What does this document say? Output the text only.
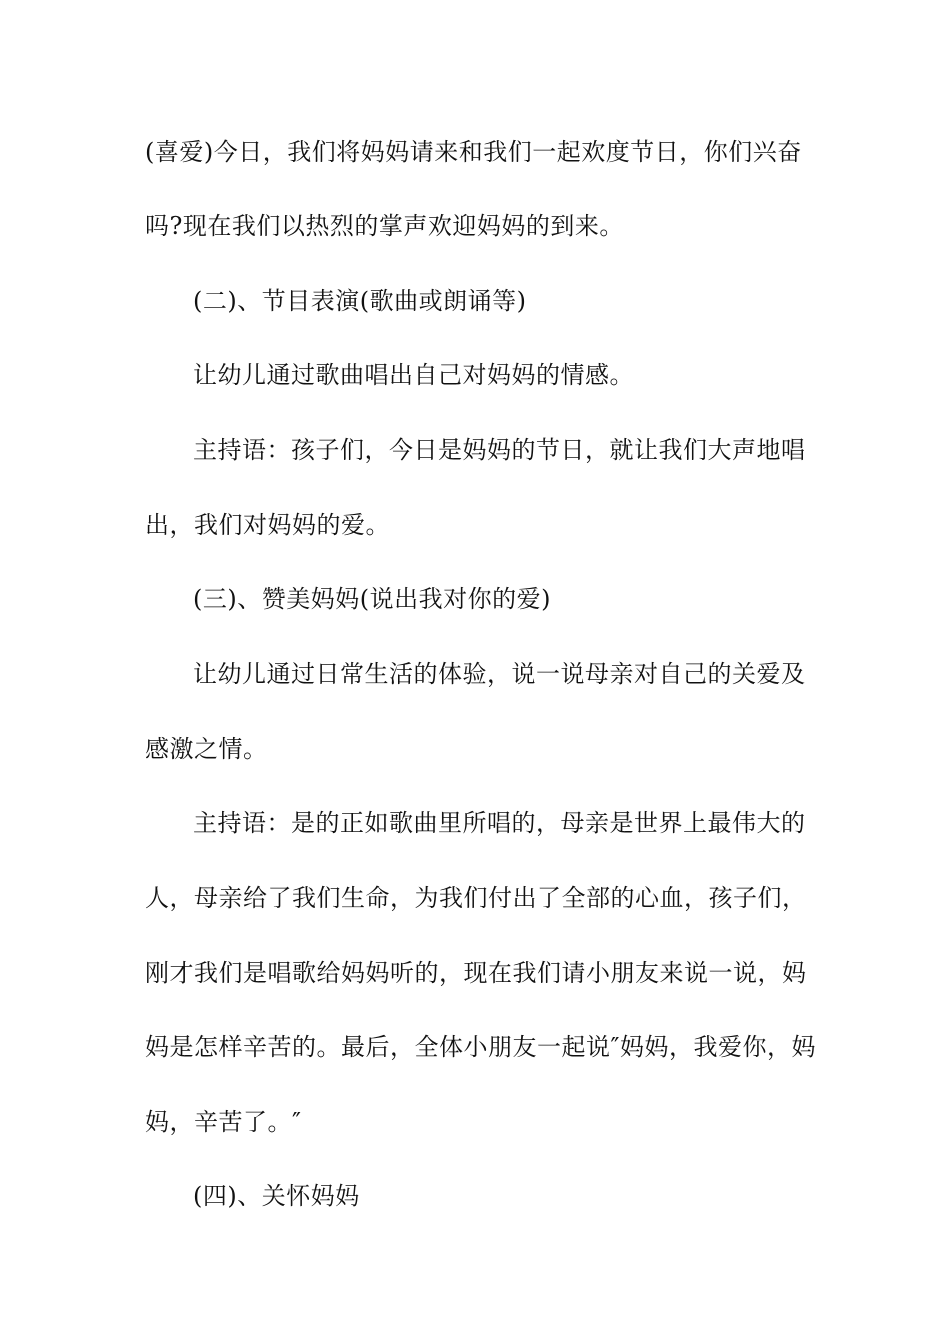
(喜爱)今日，我们将妈妈请来和我们一起欢度节日，你们兴奋
吗?现在我们以热烈的掌声欢迎妈妈的到来。
(二)、节目表演(歌曲或朗诵等)
让幼儿通过歌曲唱出自己对妈妈的情感。
主持语：孩子们，今日是妈妈的节日，就让我们大声地唱
出，我们对妈妈的爱。
(三)、赞美妈妈(说出我对你的爱)
让幼儿通过日常生活的体验，说一说母亲对自己的关爱及
感激之情。
主持语：是的正如歌曲里所唱的，母亲是世界上最伟大的
人，母亲给了我们生命，为我们付出了全部的心血，孩子们，
刚才我们是唱歌给妈妈听的，现在我们请小朋友来说一说，妈
妈是怎样辛苦的。最后，全体小朋友一起说″妈妈，我爱你，妈
妈，辛苦了。″
(四)、关怀妈妈
